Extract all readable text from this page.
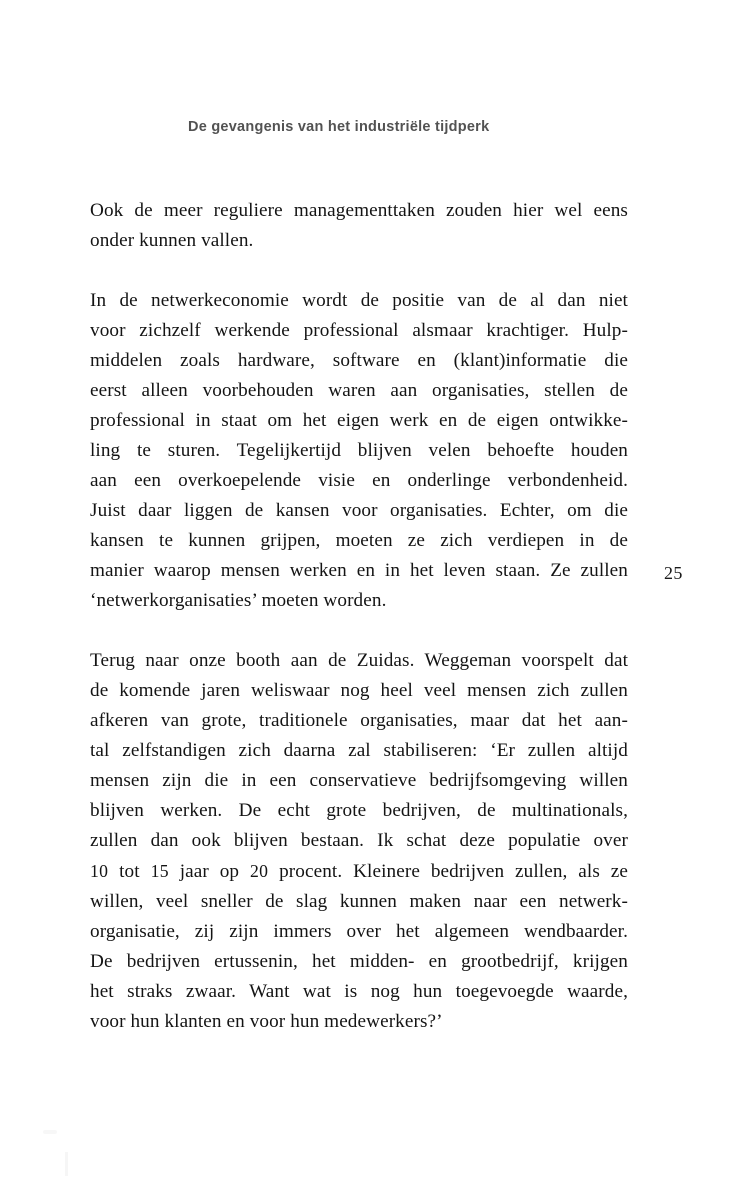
De gevangenis van het industriële tijdperk

Ook de meer reguliere managementtaken zouden hier wel eens
onder kunnen vallen.

In de netwerkeconomie wordt de positie van de al dan niet
voor zichzelf werkende professional alsmaar krachtiger. Hulp-
middelen zoals hardware, software en (klant)informatie die
eerst alleen voorbehouden waren aan organisaties, stellen de
professional in staat om het eigen werk en de eigen ontwikke-
ling te sturen. Tegelijkertijd blijven velen behoefte houden
aan een overkoepelende visie en onderlinge verbondenheid.
Juist daar liggen de kansen voor organisaties. Echter, om die
kansen te kunnen grijpen, moeten ze zich verdiepen in de
manier waarop mensen werken en in het leven staan. Ze zullen
‘netwerkorganisaties’ moeten worden.

Terug naar onze booth aan de Zuidas. Weggeman voorspelt dat
de komende jaren weliswaar nog heel veel mensen zich zullen
afkeren van grote, traditionele organisaties, maar dat het aan-
tal zelfstandigen zich daarna zal stabiliseren: ‘Er zullen altijd
mensen zijn die in een conservatieve bedrijfsomgeving willen
blijven werken. De echt grote bedrijven, de multinationals,
zullen dan ook blijven bestaan. Ik schat deze populatie over
10 tot 15 jaar op 20 procent. Kleinere bedrijven zullen, als ze
willen, veel sneller de slag kunnen maken naar een netwerk-
organisatie, zij zijn immers over het algemeen wendbaarder.
De bedrijven ertussenin, het midden- en grootbedrijf, krijgen
het straks zwaar. Want wat is nog hun toegevoegde waarde,
voor hun klanten en voor hun medewerkers?’

25
